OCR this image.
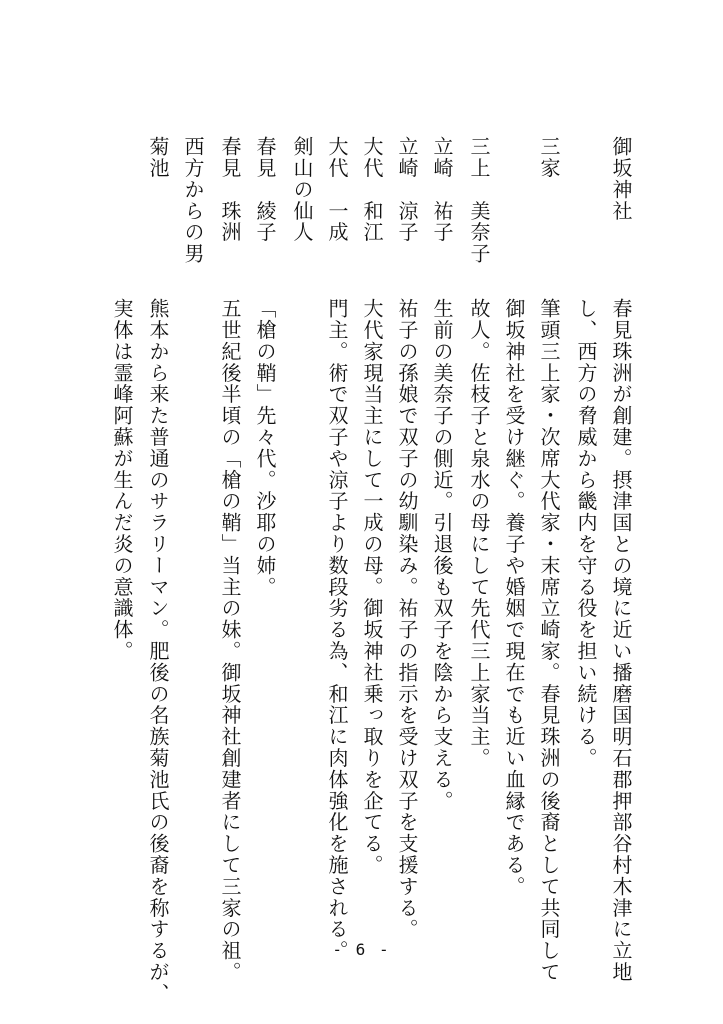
御坂神社
春見珠洲が創建。摂津国との境に近い播磨国明石郡押部谷村木津に立地
し、西方の脅威から畿内を守る役を担い続ける。
三家
筆頭三上家・次席大代家・末席立崎家。春見珠洲の後裔として共同して
御坂神社を受け継ぐ。養子や婚姻で現在でも近い血縁である。
三上　美奈子
故人。佐枝子と泉水の母にして先代三上家当主。
立崎　祐子
生前の美奈子の側近。引退後も双子を陰から支える。
立崎　涼子
祐子の孫娘で双子の幼馴染み。祐子の指示を受け双子を支援する。
大代　和江
大代家現当主にして一成の母。御坂神社乗っ取りを企てる。
大代　一成
門主。術で双子や涼子より数段劣る為、和江に肉体強化を施される。
剣山の仙人
春見　綾子
「槍の鞘」先々代。沙耶の姉。
春見　珠洲
五世紀後半頃の「槍の鞘」当主の妹。御坂神社創建者にして三家の祖。
西方からの男
菊池
熊本から来た普通のサラリーマン。肥後の名族菊池氏の後裔を称するが、
実体は霊峰阿蘇が生んだ炎の意識体。
- 6 -
